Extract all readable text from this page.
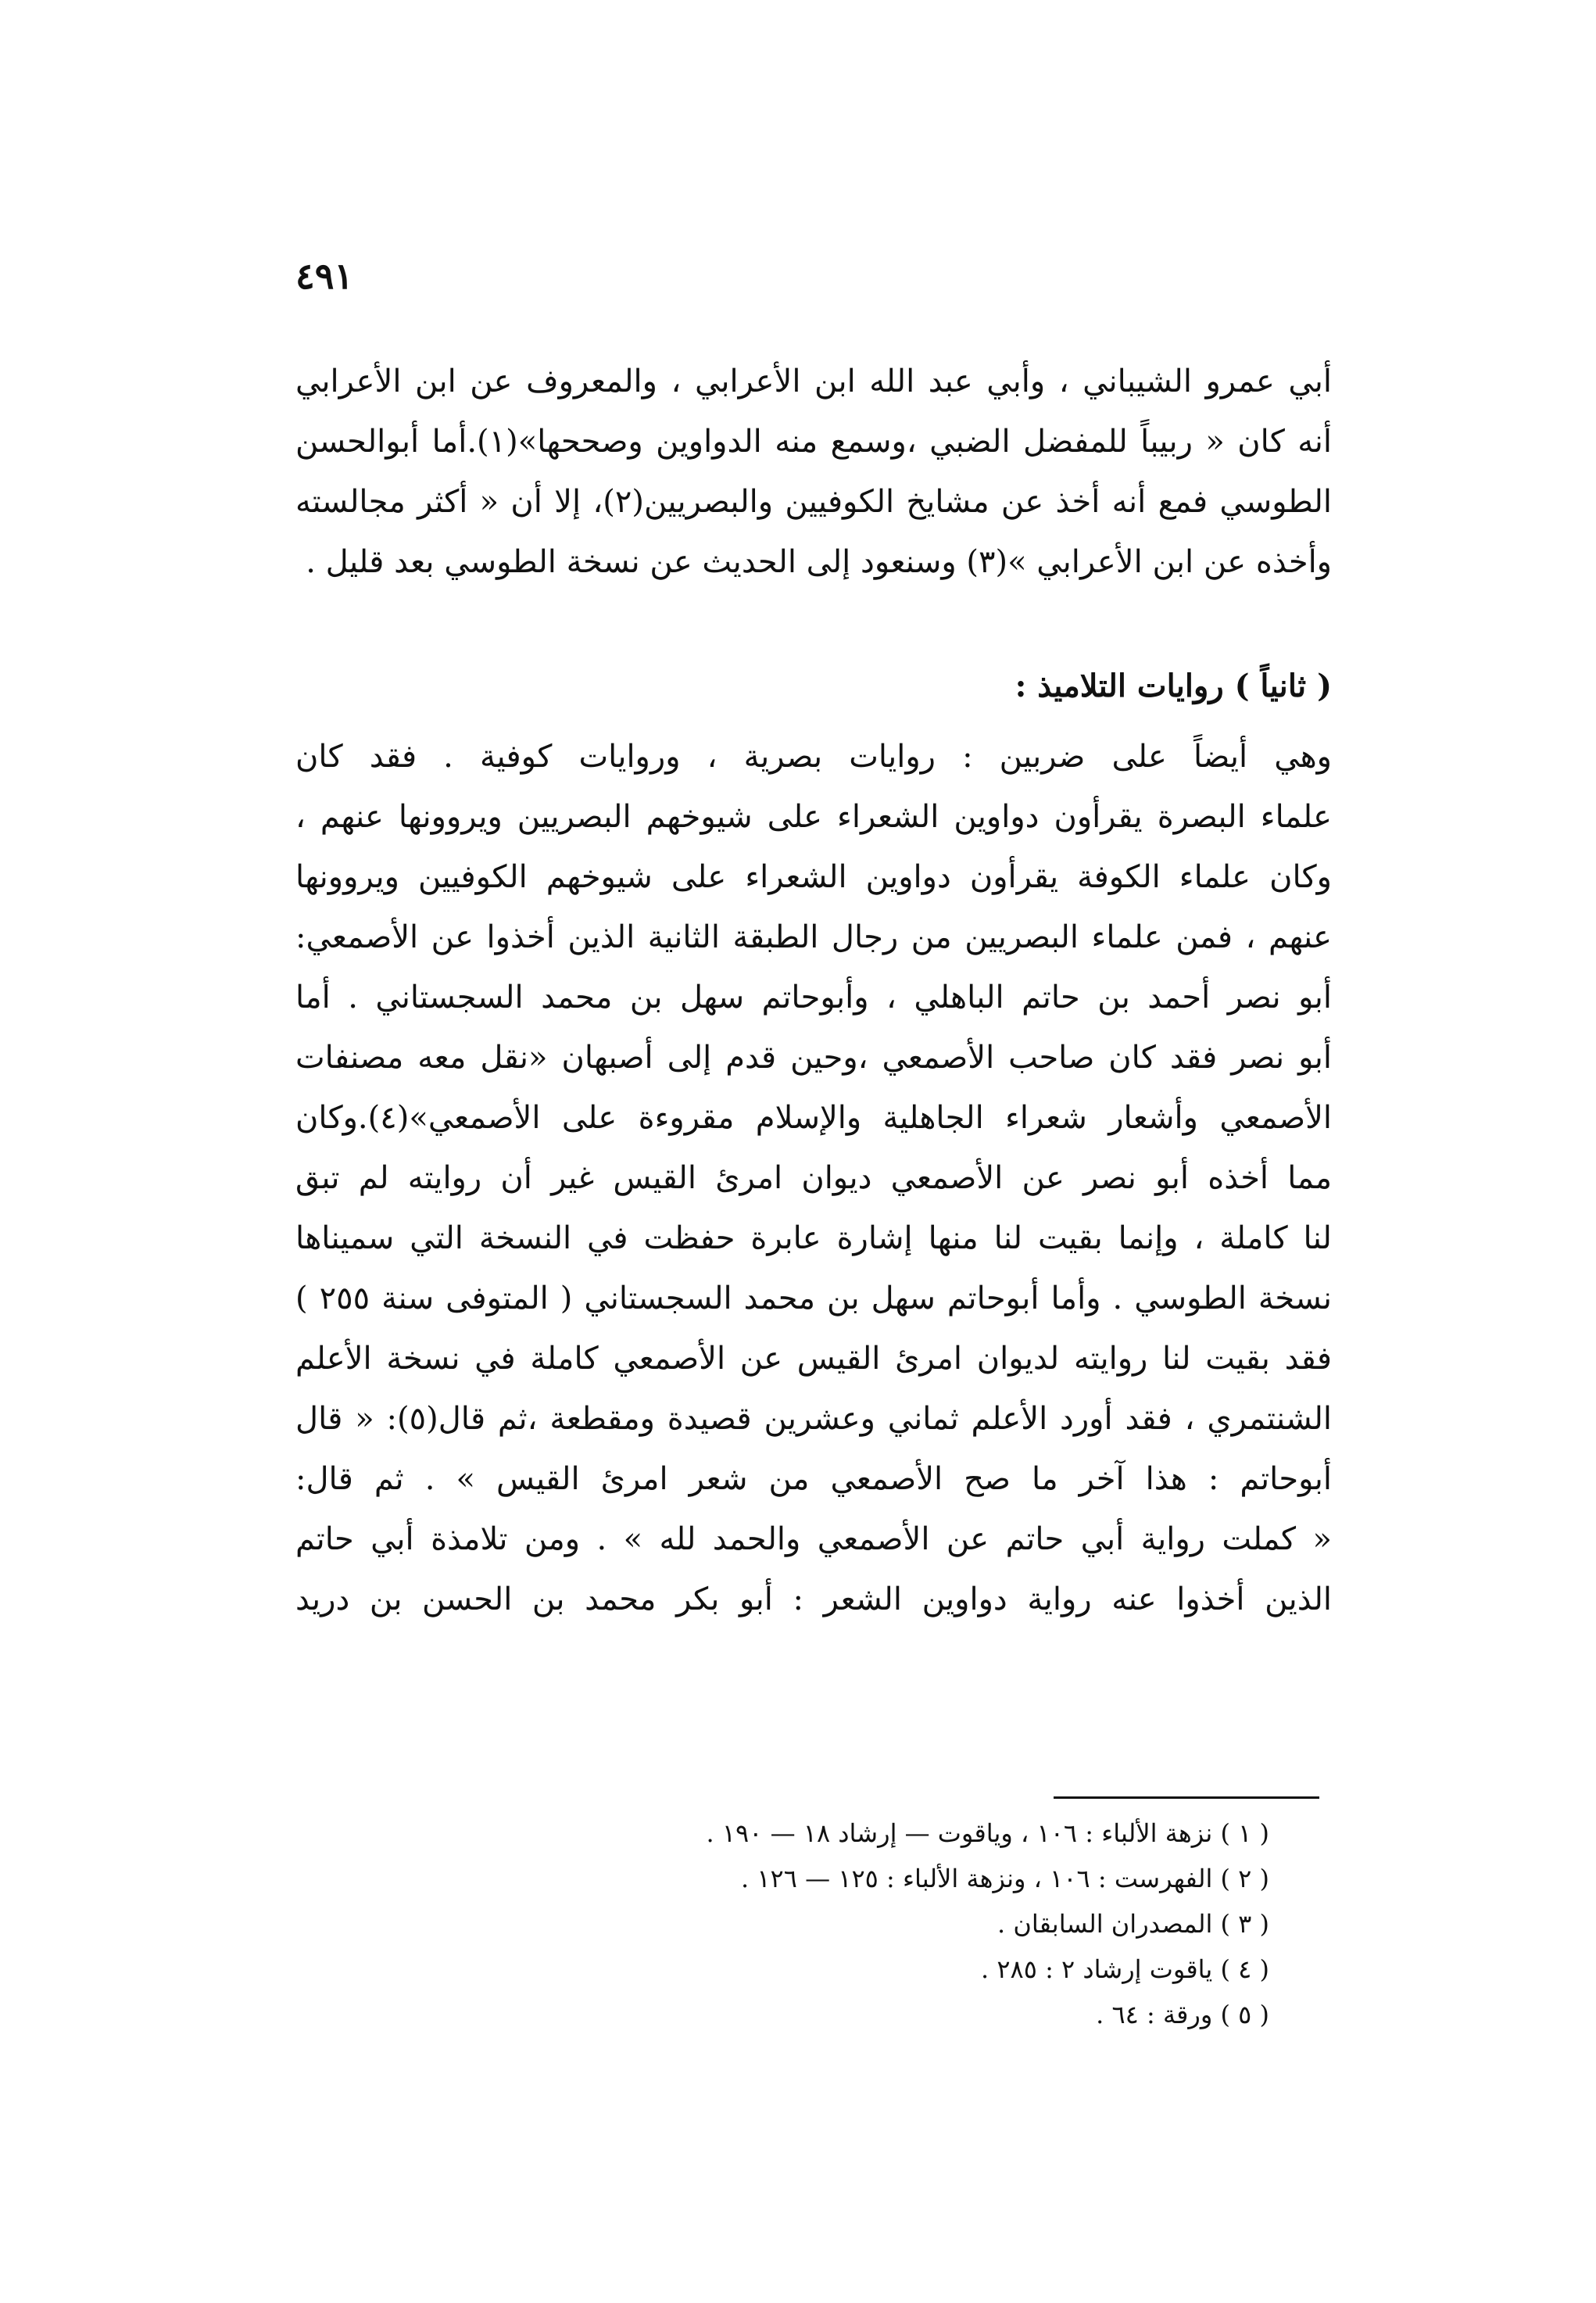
٤٩١
أبي عمرو الشيباني ، وأبي عبد الله ابن الأعرابي ، والمعروف عن ابن الأعرابي
أنه كان « ربيباً للمفضل الضبي ،وسمع منه الدواوين وصححها»(١).أما أبوالحسن
الطوسي فمع أنه أخذ عن مشايخ الكوفيين والبصريين(٢)، إلا أن « أكثر مجالسته
وأخذه عن ابن الأعرابي »(٣) وسنعود إلى الحديث عن نسخة الطوسي بعد قليل .
( ثانياً ) روايات التلاميذ :
وهي أيضاً على ضربين : روايات بصرية ، وروايات كوفية . فقد كان
علماء البصرة يقرأون دواوين الشعراء على شيوخهم البصريين ويروونها عنهم ،
وكان علماء الكوفة يقرأون دواوين الشعراء على شيوخهم الكوفيين ويروونها
عنهم ، فمن علماء البصريين من رجال الطبقة الثانية الذين أخذوا عن الأصمعي:
أبو نصر أحمد بن حاتم الباهلي ، وأبوحاتم سهل بن محمد السجستاني . أما
أبو نصر فقد كان صاحب الأصمعي ،وحين قدم إلى أصبهان «نقل معه مصنفات
الأصمعي وأشعار شعراء الجاهلية والإسلام مقروءة على الأصمعي»(٤).وكان
مما أخذه أبو نصر عن الأصمعي ديوان امرئ القيس غير أن روايته لم تبق
لنا كاملة ، وإنما بقيت لنا منها إشارة عابرة حفظت في النسخة التي سميناها
نسخة الطوسي . وأما أبوحاتم سهل بن محمد السجستاني ( المتوفى سنة ٢٥٥ )
فقد بقيت لنا روايته لديوان امرئ القيس عن الأصمعي كاملة في نسخة الأعلم
الشنتمري ، فقد أورد الأعلم ثماني وعشرين قصيدة ومقطعة ،ثم قال(٥): « قال
أبوحاتم : هذا آخر ما صح الأصمعي من شعر امرئ القيس » . ثم قال:
« كملت رواية أبي حاتم عن الأصمعي والحمد لله » . ومن تلامذة أبي حاتم
الذين أخذوا عنه رواية دواوين الشعر : أبو بكر محمد بن الحسن بن دريد
( ١ ) نزهة الألباء : ١٠٦ ، وياقوت — إرشاد ١٨ — ١٩٠ .
( ٢ ) الفهرست : ١٠٦ ، ونزهة الألباء : ١٢٥ — ١٢٦ .
( ٣ ) المصدران السابقان .
( ٤ ) ياقوت إرشاد ٢ : ٢٨٥ .
( ٥ ) ورقة : ٦٤ .
